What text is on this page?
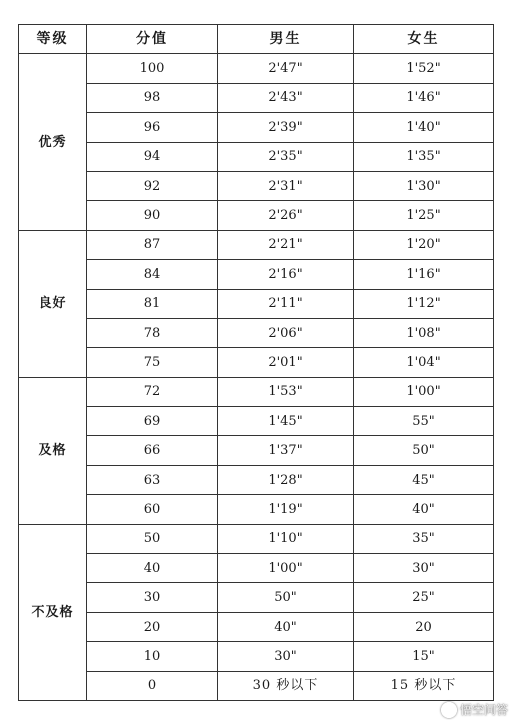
等级	分值	男生	女生
优秀	100	2'47"	1'52"
	98	2'43"	1'46"
	96	2'39"	1'40"
	94	2'35"	1'35"
	92	2'31"	1'30"
	90	2'26"	1'25"
良好	87	2'21"	1'20"
	84	2'16"	1'16"
	81	2'11"	1'12"
	78	2'06"	1'08"
	75	2'01"	1'04"
及格	72	1'53"	1'00"
	69	1'45"	55"
	66	1'37"	50"
	63	1'28"	45"
	60	1'19"	40"
不及格	50	1'10"	35"
	40	1'00"	30"
	30	50"	25"
	20	40"	20
	10	30"	15"
	0	30 秒以下	15 秒以下
悟空问答
